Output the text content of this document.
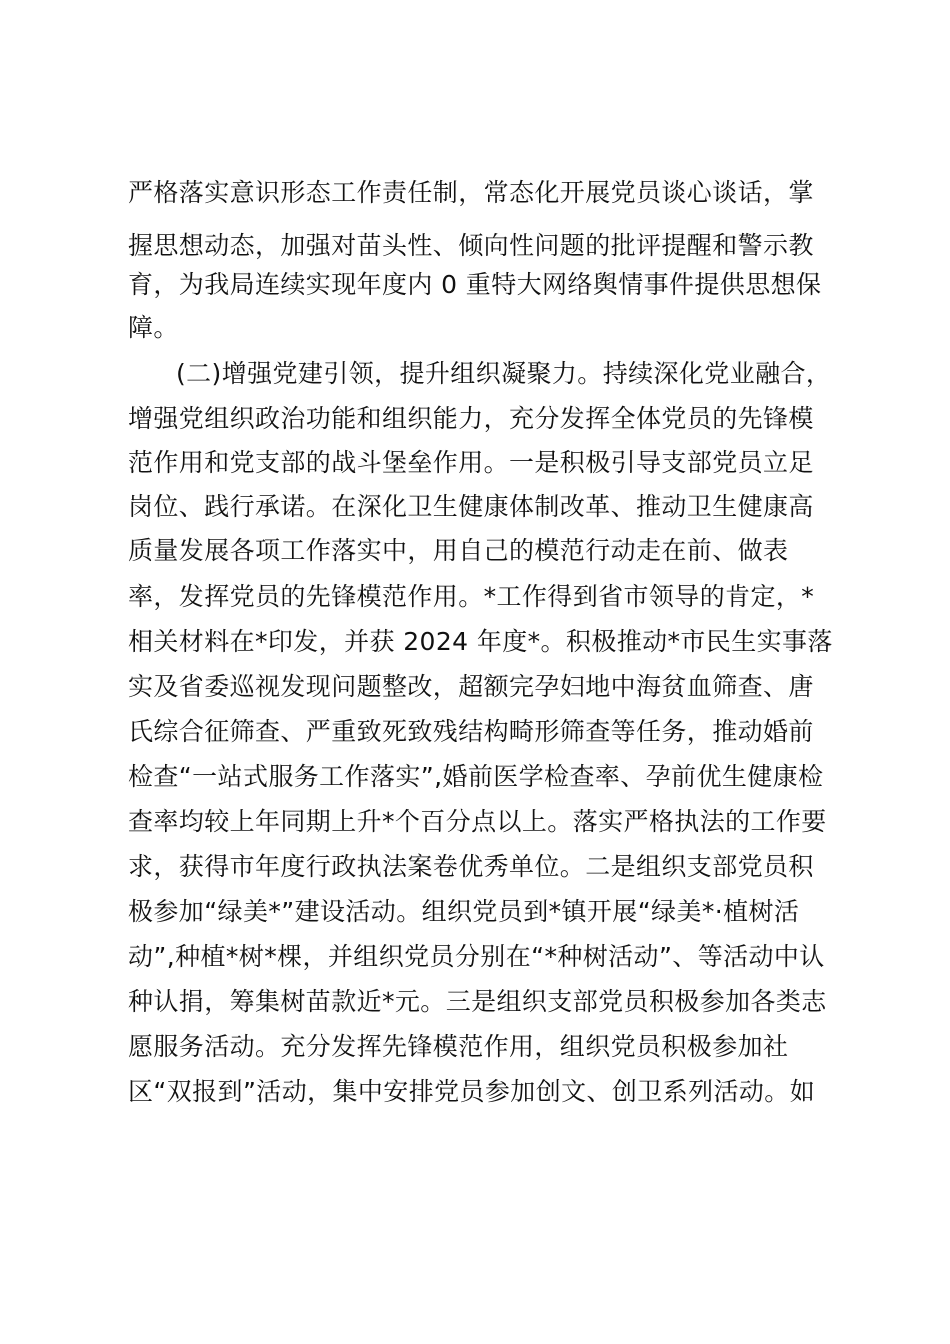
严格落实意识形态工作责任制，常态化开展党员谈心谈话，掌
握思想动态，加强对苗头性、倾向性问题的批评提醒和警示教
育，为我局连续实现年度内 0 重特大网络舆情事件提供思想保
障。
(二)增强党建引领，提升组织凝聚力。持续深化党业融合，
增强党组织政治功能和组织能力，充分发挥全体党员的先锋模
范作用和党支部的战斗堡垒作用。一是积极引导支部党员立足
岗位、践行承诺。在深化卫生健康体制改革、推动卫生健康高
质量发展各项工作落实中，用自己的模范行动走在前、做表
率，发挥党员的先锋模范作用。*工作得到省市领导的肯定，*
相关材料在*印发，并获 2024 年度*。积极推动*市民生实事落
实及省委巡视发现问题整改，超额完孕妇地中海贫血筛查、唐
氏综合征筛查、严重致死致残结构畸形筛查等任务，推动婚前
检查“一站式服务工作落实”,婚前医学检查率、孕前优生健康检
查率均较上年同期上升*个百分点以上。落实严格执法的工作要
求，获得市年度行政执法案卷优秀单位。二是组织支部党员积
极参加“绿美*”建设活动。组织党员到*镇开展“绿美*·植树活
动”,种植*树*棵，并组织党员分别在“*种树活动”、等活动中认
种认捐，筹集树苗款近*元。三是组织支部党员积极参加各类志
愿服务活动。充分发挥先锋模范作用，组织党员积极参加社
区“双报到”活动，集中安排党员参加创文、创卫系列活动。如
